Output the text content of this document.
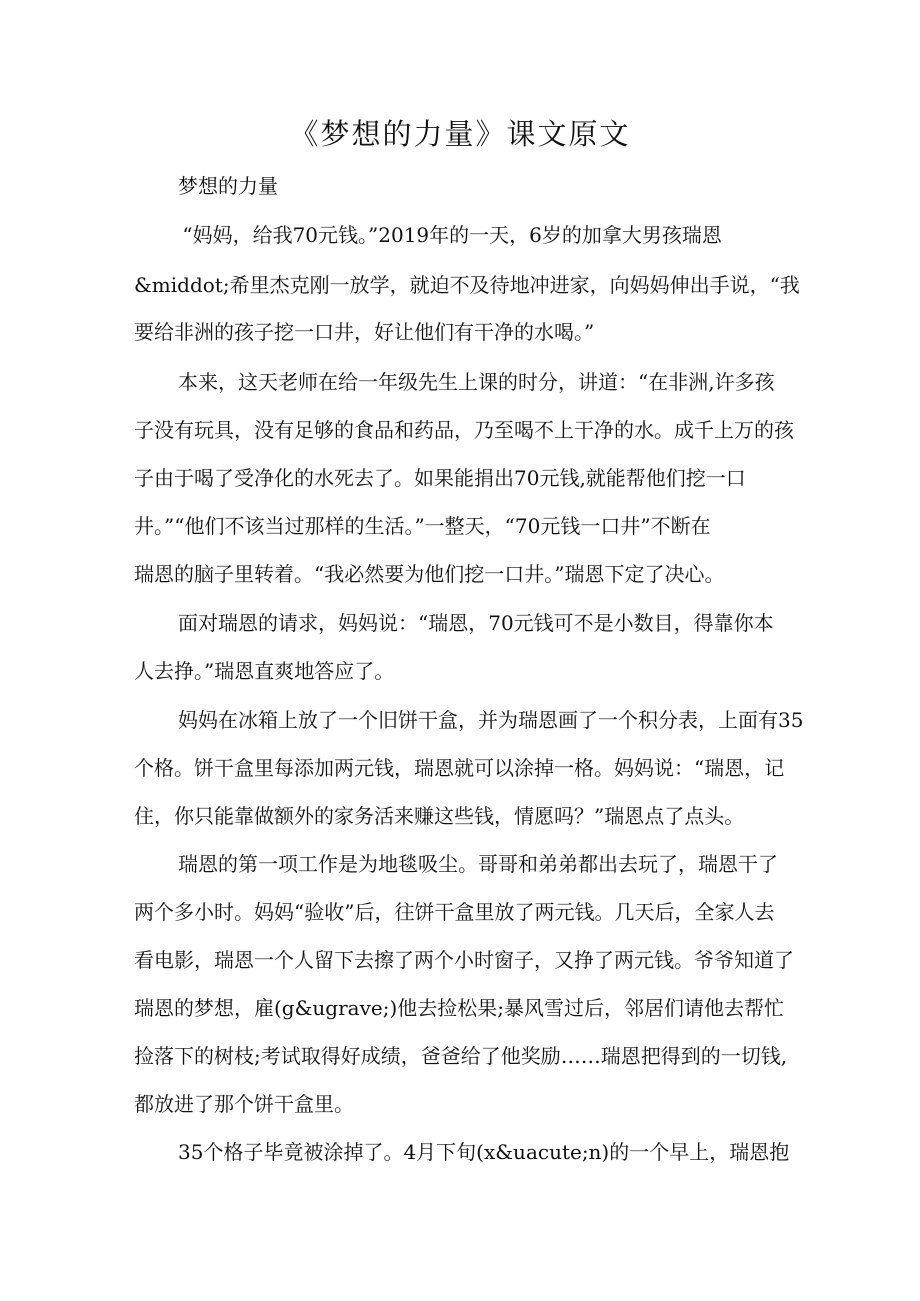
《梦想的力量》课文原文
梦想的力量
“妈妈，给我70元钱。”2019年的一天，6岁的加拿大男孩瑞恩
&middot;希里杰克刚一放学，就迫不及待地冲进家，向妈妈伸出手说，“我
要给非洲的孩子挖一口井，好让他们有干净的水喝。”
本来，这天老师在给一年级先生上课的时分，讲道：“在非洲,许多孩
子没有玩具，没有足够的食品和药品，乃至喝不上干净的水。成千上万的孩
子由于喝了受净化的水死去了。如果能捐出70元钱,就能帮他们挖一口
井。”“他们不该当过那样的生活。”一整天，“70元钱一口井”不断在
瑞恩的脑子里转着。“我必然要为他们挖一口井。”瑞恩下定了决心。
面对瑞恩的请求，妈妈说：“瑞恩，70元钱可不是小数目，得靠你本
人去挣。”瑞恩直爽地答应了。
妈妈在冰箱上放了一个旧饼干盒，并为瑞恩画了一个积分表，上面有35
个格。饼干盒里每添加两元钱，瑞恩就可以涂掉一格。妈妈说：“瑞恩，记
住，你只能靠做额外的家务活来赚这些钱，情愿吗？”瑞恩点了点头。
瑞恩的第一项工作是为地毯吸尘。哥哥和弟弟都出去玩了，瑞恩干了
两个多小时。妈妈“验收”后，往饼干盒里放了两元钱。几天后，全家人去
看电影，瑞恩一个人留下去擦了两个小时窗子，又挣了两元钱。爷爷知道了
瑞恩的梦想，雇(g&ugrave;)他去捡松果;暴风雪过后，邻居们请他去帮忙
捡落下的树枝;考试取得好成绩，爸爸给了他奖励……瑞恩把得到的一切钱,
都放进了那个饼干盒里。
35个格子毕竟被涂掉了。4月下旬(x&uacute;n)的一个早上，瑞恩抱
